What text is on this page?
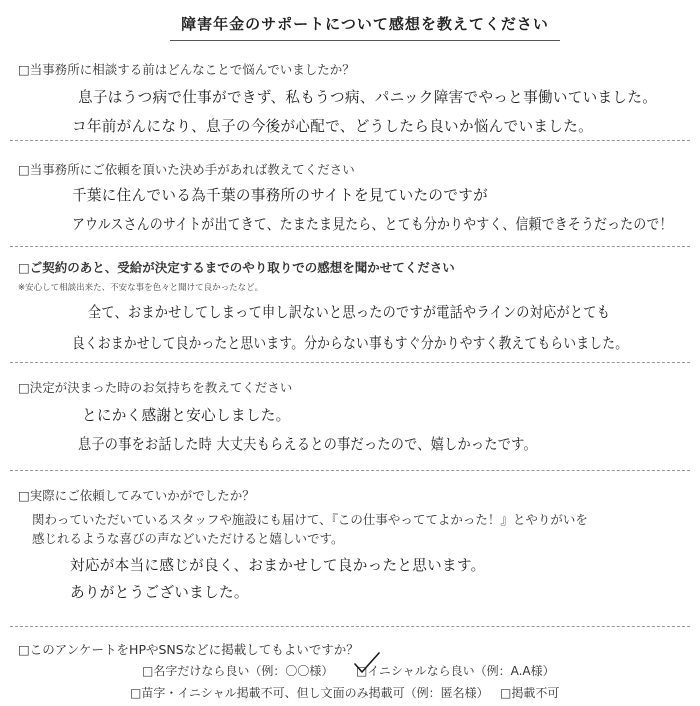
障害年金のサポートについて感想を教えてください

□当事務所に相談する前はどんなことで悩んでいましたか？

息子はうつ病で仕事ができず、私もうつ病、パニック障害でやっと事働いていました。
コ年前がんになり、息子の今後が心配で、どうしたら良いか悩んでいました。

□当事務所にご依頼を頂いた決め手があれば教えてください

千葉に住んでいる為千葉の事務所のサイトを見ていたのですが
アウルスさんのサイトが出てきて、たまたま見たら、とても分かりやすく、信頼できそうだったので！

□ご契約のあと、受給が決定するまでのやり取りでの感想を聞かせてください

※安心して相談出来た、不安な事を色々と聞けて良かったなど。
全て、おまかせしてしまって申し訳ないと思ったのですが電話やラインの対応がとても
良くおまかせして良かったと思います。分からない事もすぐ分かりやすく教えてもらいました。

□決定が決まった時のお気持ちを教えてください

とにかく感謝と安心しました。
息子の事をお話した時 大丈夫もらえるとの事だったので、嬉しかったです。

□実際にご依頼してみていかがでしたか？

関わっていただいているスタッフや施設にも届けて、『この仕事やっててよかった！』とやりがいを
感じれるような喜びの声などいただけると嬉しいです。
対応が本当に感じが良く、おまかせして良かったと思います。
ありがとうございました。

□このアンケートをHPやSNSなどに掲載してもよいですか？

□名字だけなら良い（例：〇〇様） □イニシャルなら良い（例：A.A様）
□苗字・イニシャル掲載不可、但し文面のみ掲載可（例：匿名様） □掲載不可
